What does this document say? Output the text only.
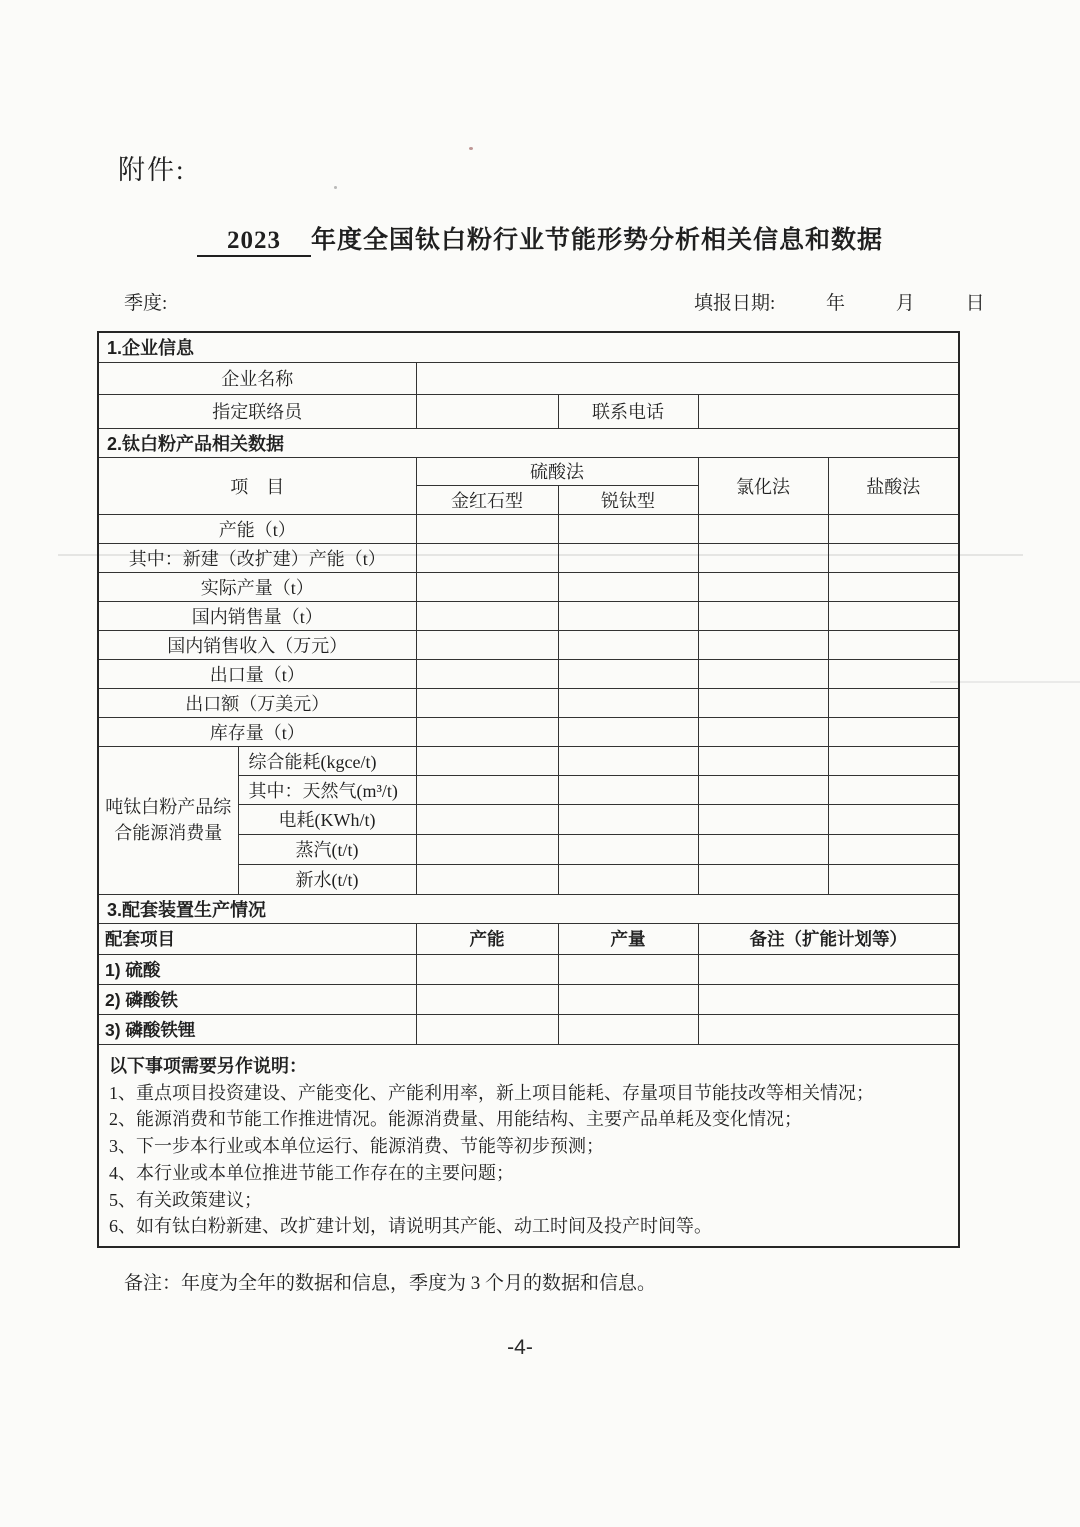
附件:
2023 年度全国钛白粉行业节能形势分析相关信息和数据
季度:	填报日期:	年	月	日
1.企业信息					
企业名称					
指定联络员			联系电话		
2.钛白粉产品相关数据					
项　目		硫酸法		氯化法	盐酸法
		金红石型	锐钛型		
产能（t）					
其中：新建（改扩建）产能（t）					
实际产量（t）					
国内销售量（t）					
国内销售收入（万元）					
出口量（t）					
出口额（万美元）					
库存量（t）					
吨钛白粉产品综 合能源消费量	综合能耗(kgce/t)				
	其中：天然气(m³/t)				
	电耗(KWh/t)				
	蒸汽(t/t)				
	新水(t/t)				
3.配套装置生产情况					
配套项目		产能	产量	备注（扩能计划等）	
1) 硫酸					
2) 磷酸铁					
3) 磷酸铁锂					

以下事项需要另作说明：
1、重点项目投资建设、产能变化、产能利用率，新上项目能耗、存量项目节能技改等相关情况；
2、能源消费和节能工作推进情况。能源消费量、用能结构、主要产品单耗及变化情况；
3、下一步本行业或本单位运行、能源消费、节能等初步预测；
4、本行业或本单位推进节能工作存在的主要问题；
5、有关政策建议；
6、如有钛白粉新建、改扩建计划，请说明其产能、动工时间及投产时间等。
备注：年度为全年的数据和信息，季度为 3 个月的数据和信息。
-4-
